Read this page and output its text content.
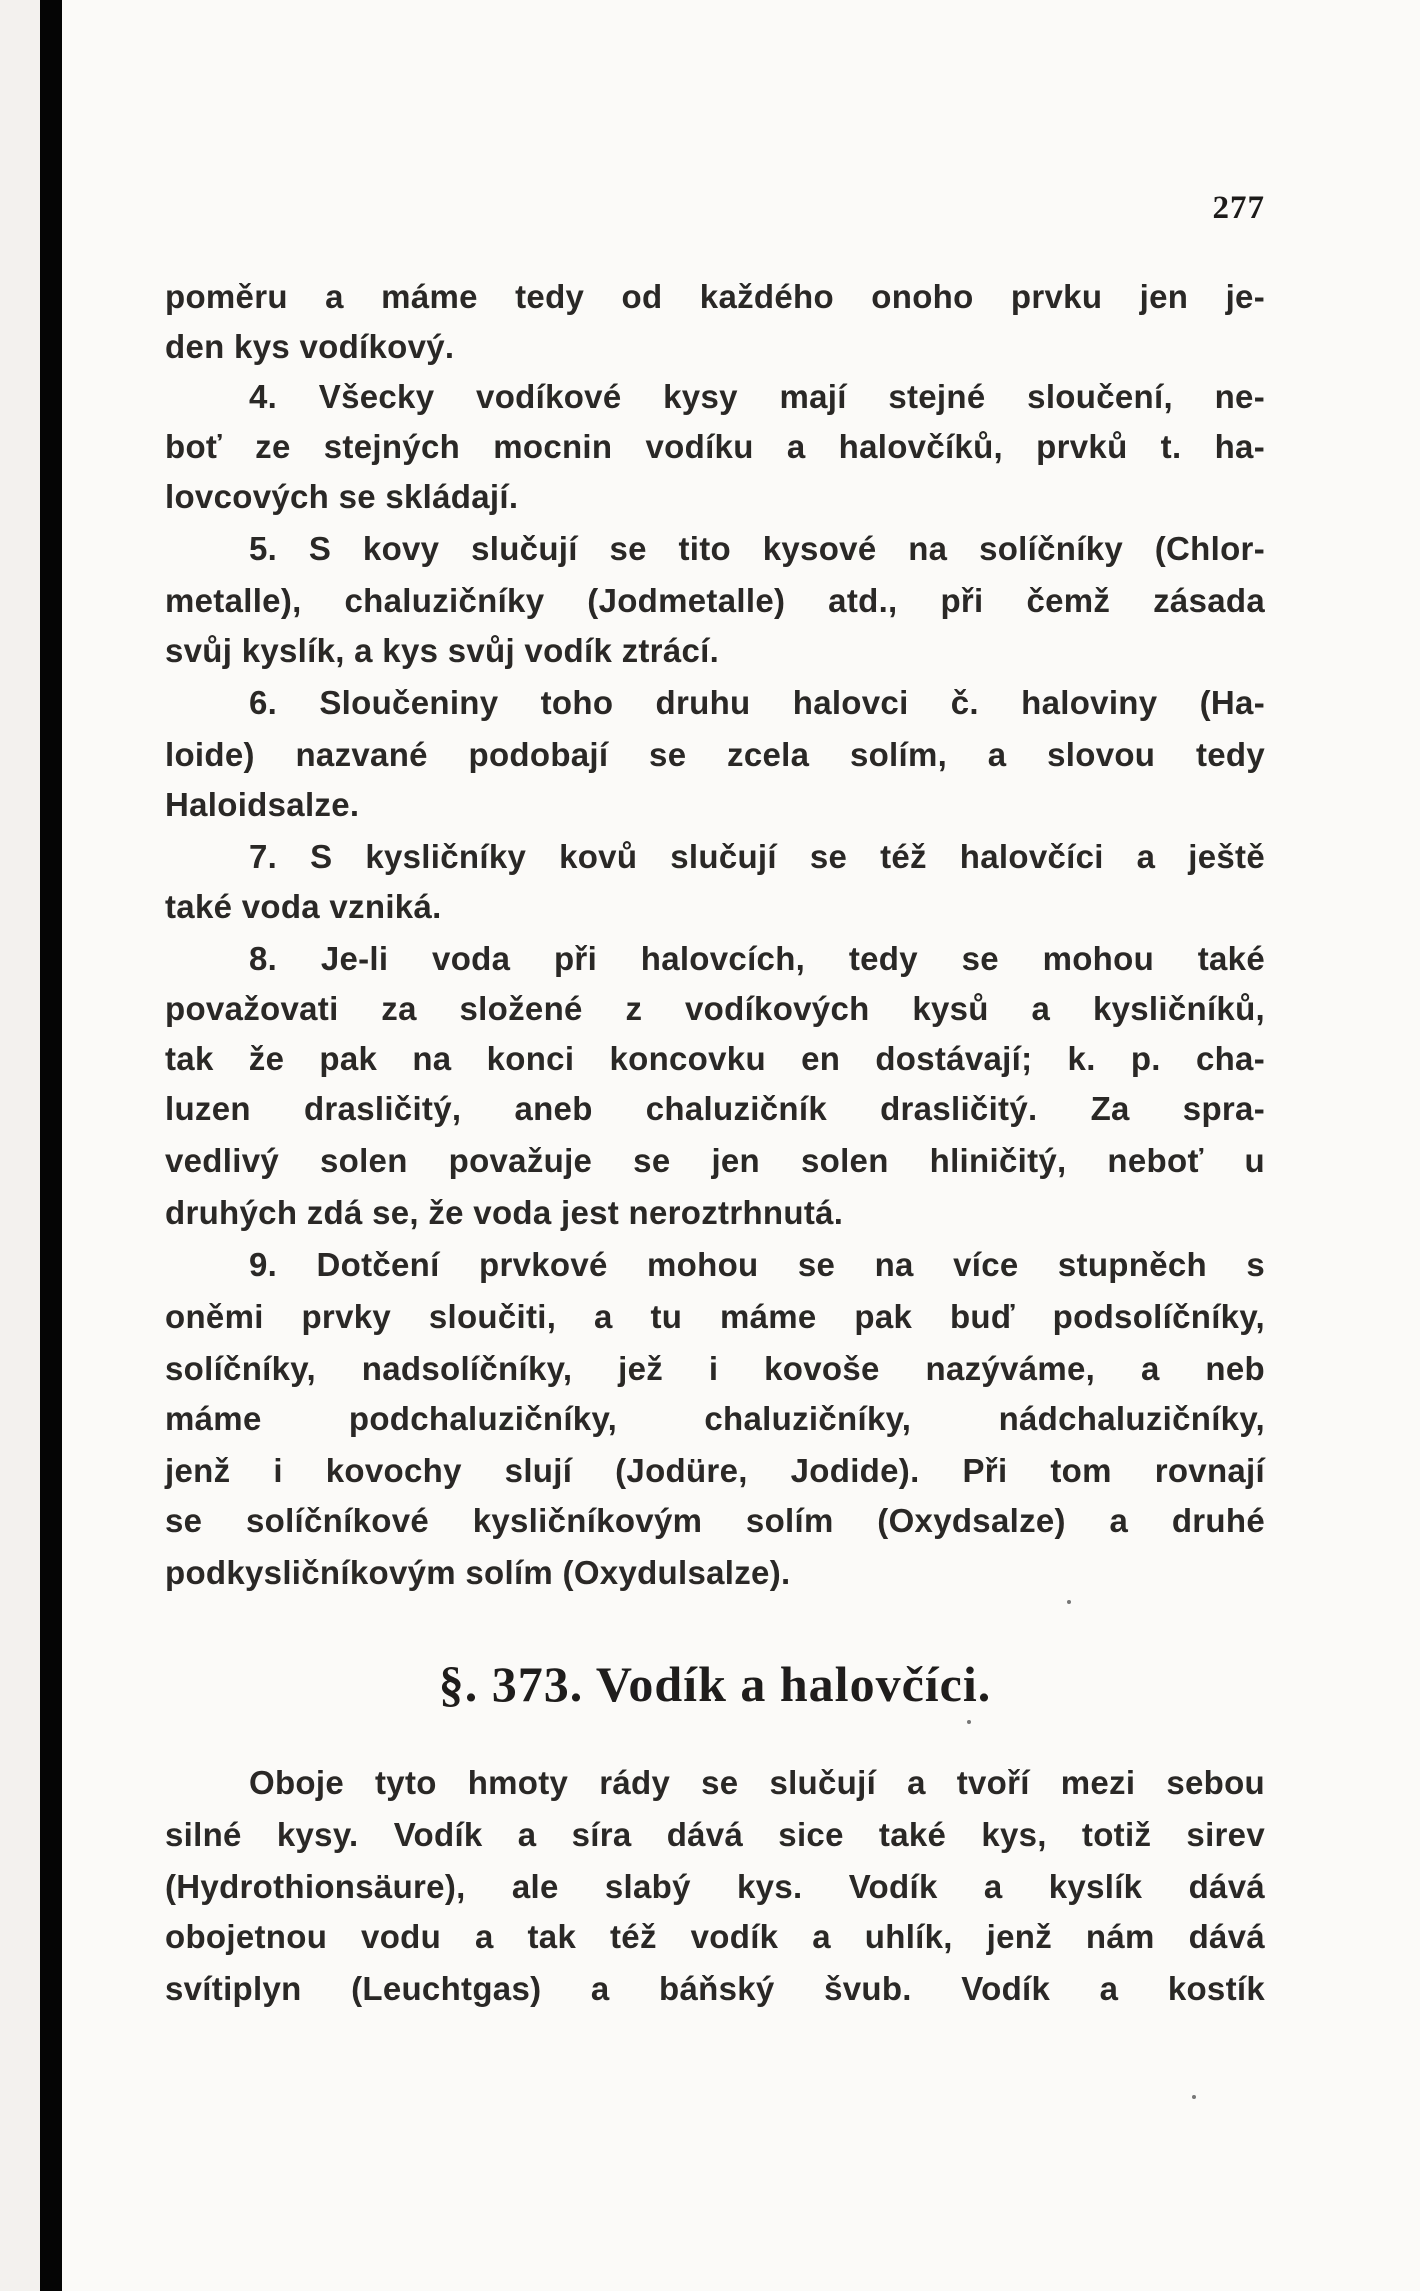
277
poměru a máme tedy od každého onoho prvku jen je-
den kys vodíkový.
4. Všecky vodíkové kysy mají stejné sloučení, ne-
boť ze stejných mocnin vodíku a halovčíků, prvků t. ha-
lovcových se skládají.
5. S kovy slučují se tito kysové na solíčníky (Chlor-
metalle), chaluzičníky (Jodmetalle) atd., při čemž zásada
svůj kyslík, a kys svůj vodík ztrácí.
6. Sloučeniny toho druhu halovci č. haloviny (Ha-
loide) nazvané podobají se zcela solím, a slovou tedy
Haloidsalze.
7. S kysličníky kovů slučují se též halovčíci a ještě
také voda vzniká.
8. Je-li voda při halovcích, tedy se mohou také
považovati za složené z vodíkových kysů a kysličníků,
tak že pak na konci koncovku en dostávají; k. p. cha-
luzen drasličitý, aneb chaluzičník drasličitý. Za spra-
vedlivý solen považuje se jen solen hliničitý, neboť u
druhých zdá se, že voda jest neroztrhnutá.
9. Dotčení prvkové mohou se na více stupněch s
oněmi prvky sloučiti, a tu máme pak buď podsolíčníky,
solíčníky, nadsolíčníky, jež i kovoše nazýváme, a neb
máme podchaluzičníky, chaluzičníky, nádchaluzičníky,
jenž i kovochy slují (Jodüre, Jodide). Při tom rovnají
se solíčníkové kysličníkovým solím (Oxydsalze) a druhé
podkysličníkovým solím (Oxydulsalze).
§. 373. Vodík a halovčíci.
Oboje tyto hmoty rády se slučují a tvoří mezi sebou
silné kysy. Vodík a síra dává sice také kys, totiž sirev
(Hydrothionsäure), ale slabý kys. Vodík a kyslík dává
obojetnou vodu a tak též vodík a uhlík, jenž nám dává
svítiplyn (Leuchtgas) a báňský švub. Vodík a kostík
